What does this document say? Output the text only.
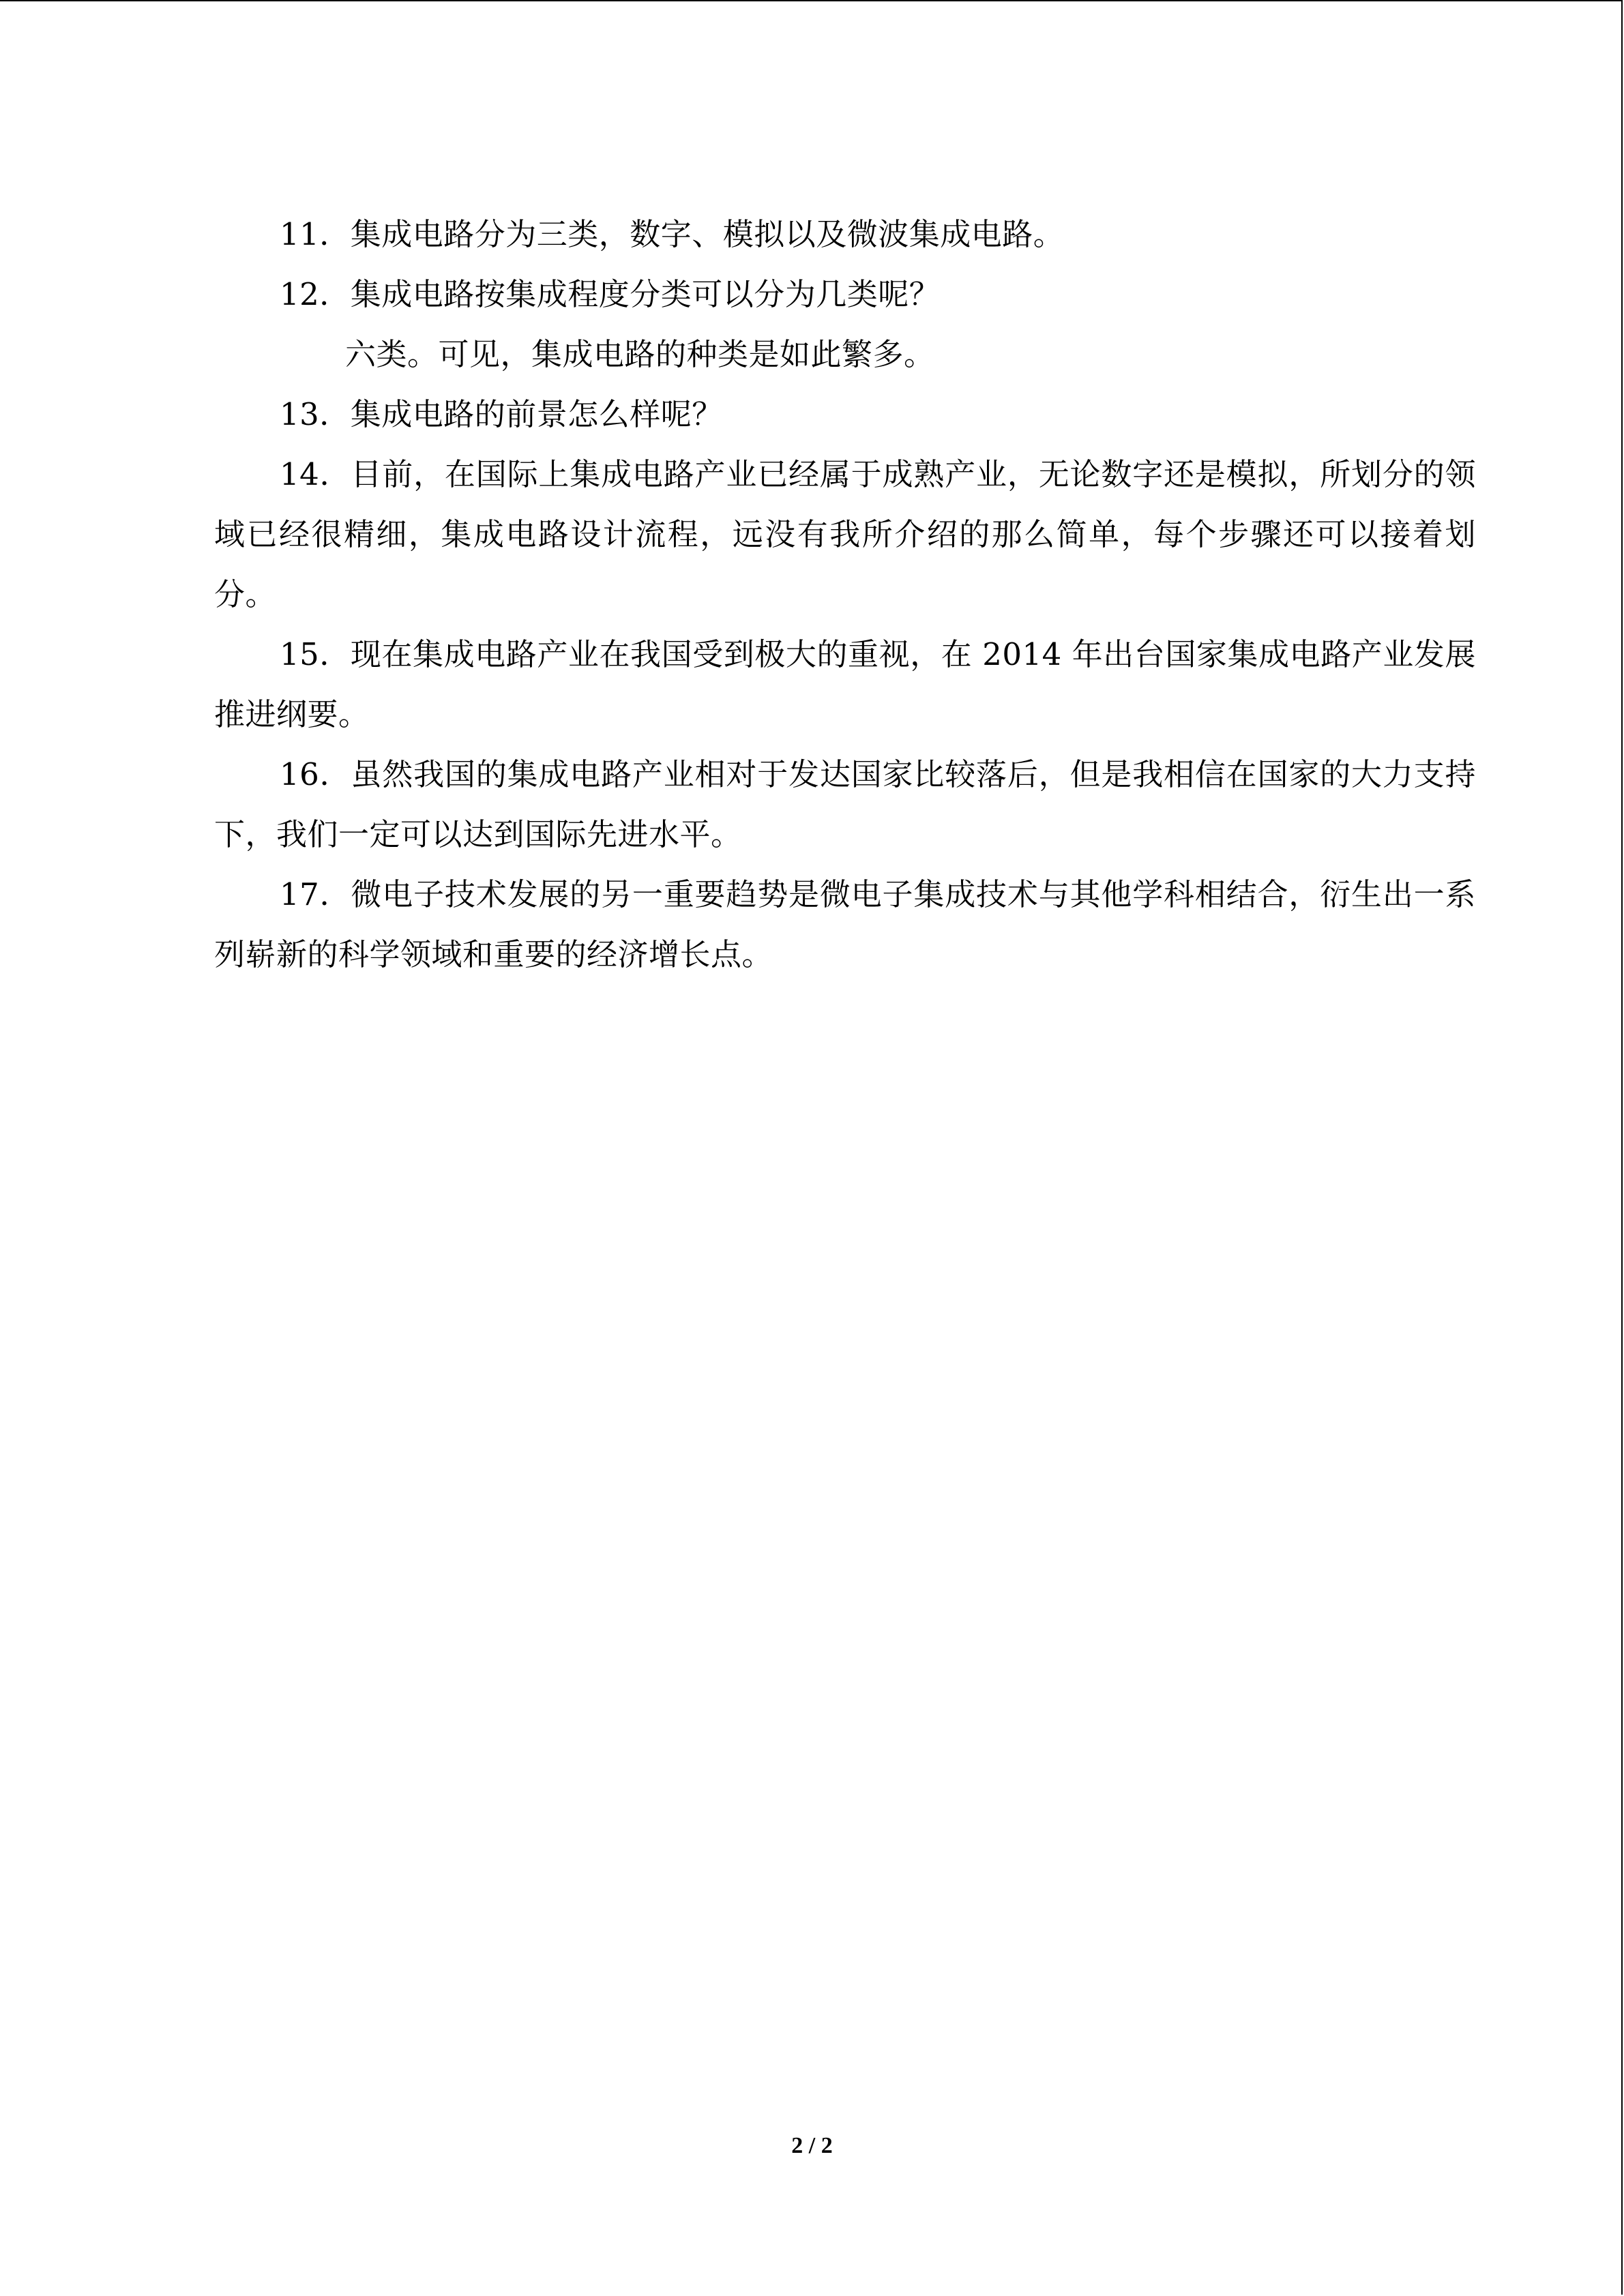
11．集成电路分为三类，数字、模拟以及微波集成电路。

12．集成电路按集成程度分类可以分为几类呢？

六类。可见，集成电路的种类是如此繁多。

13．集成电路的前景怎么样呢？

14．目前，在国际上集成电路产业已经属于成熟产业，无论数字还是模拟，所划分的领域已经很精细，集成电路设计流程，远没有我所介绍的那么简单，每个步骤还可以接着划分。

15．现在集成电路产业在我国受到极大的重视，在 2014 年出台国家集成电路产业发展推进纲要。

16．虽然我国的集成电路产业相对于发达国家比较落后，但是我相信在国家的大力支持下，我们一定可以达到国际先进水平。

17．微电子技术发展的另一重要趋势是微电子集成技术与其他学科相结合，衍生出一系列崭新的科学领域和重要的经济增长点。

2 / 2
